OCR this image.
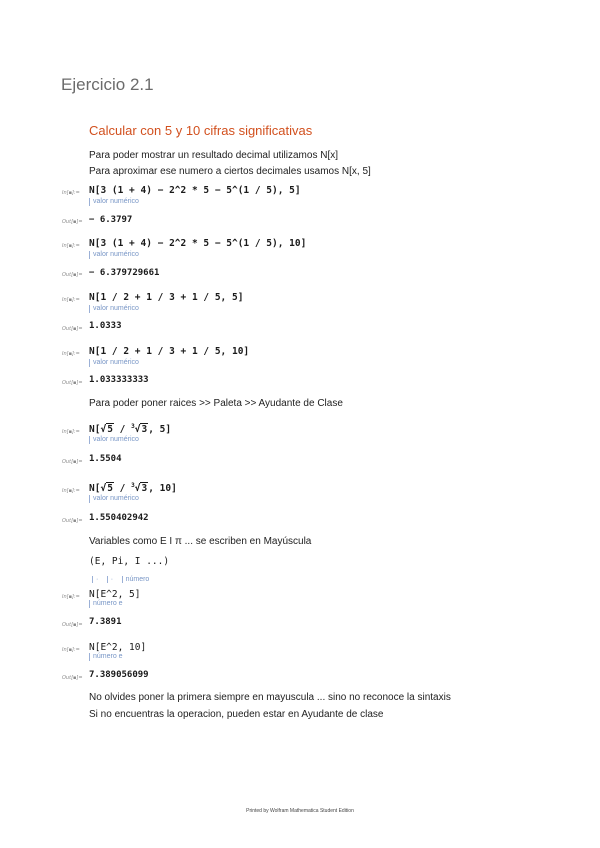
Ejercicio 2.1
Calcular con 5 y 10 cifras significativas
Para poder mostrar un resultado decimal utilizamos N[x]
Para aproximar ese numero a ciertos decimales usamos N[x, 5]
In[▪]:= N[3 (1 + 4) − 2^2 * 5 − 5^(1 / 5), 5]
valor numérico
Out[▪]= − 6.3797
In[▪]:= N[3 (1 + 4) − 2^2 * 5 − 5^(1 / 5), 10]
valor numérico
Out[▪]= − 6.379729661
In[▪]:= N[1 / 2 + 1 / 3 + 1 / 5, 5]
valor numérico
Out[▪]= 1.0333
In[▪]:= N[1 / 2 + 1 / 3 + 1 / 5, 10]
valor numérico
Out[▪]= 1.033333333
Para poder poner raices >> Paleta >> Ayudante de Clase
In[▪]:= N[√5 / $^3$√3, 5]
valor numérico
Out[▪]= 1.5504
In[▪]:= N[√5 / $^3$√3, 10]
valor numérico
Out[▪]= 1.550402942
Variables como E I π ... se escriben en Mayúscula
(E, Pi, I ...)
· · número
In[▪]:= N[E^2, 5]
número e
Out[▪]= 7.3891
In[▪]:= N[E^2, 10]
número e
Out[▪]= 7.389056099
No olvides poner la primera siempre en mayuscula ... sino no reconoce la sintaxis
Si no encuentras la operacion, pueden estar en Ayudante de clase
Printed by Wolfram Mathematica Student Edition
